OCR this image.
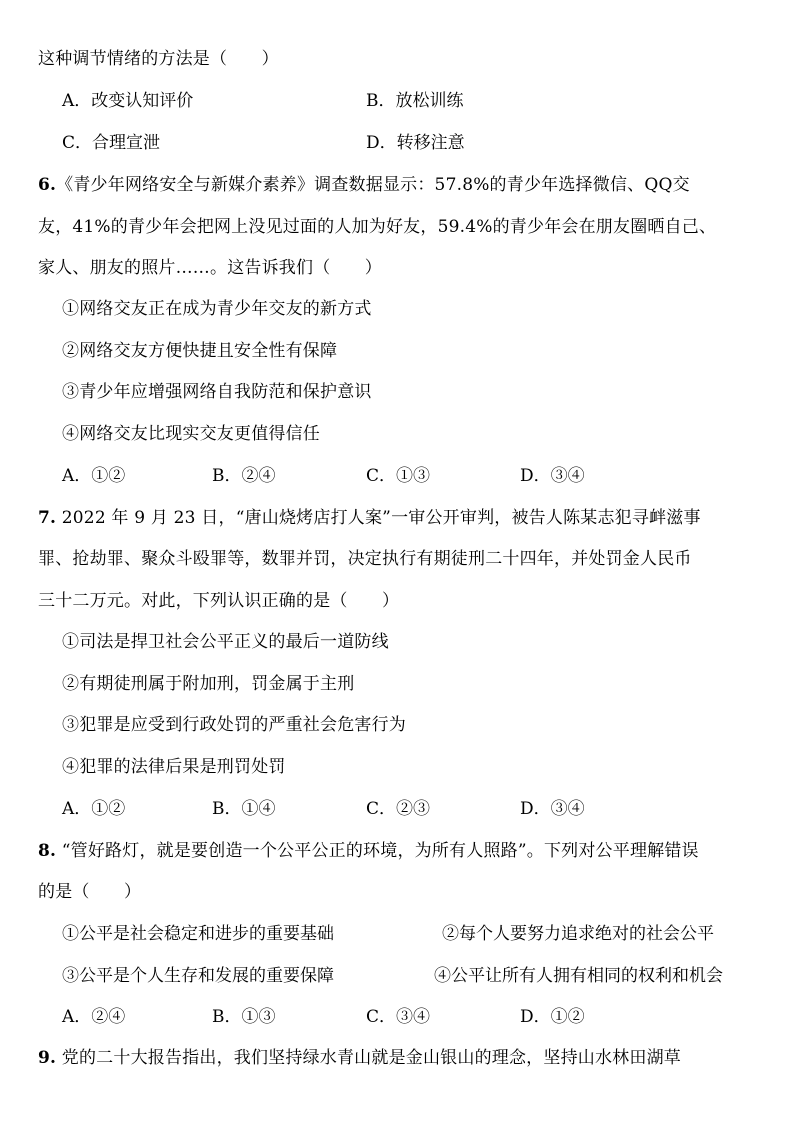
这种调节情绪的方法是（　　）
A．改变认知评价	B．放松训练
C．合理宣泄	D．转移注意
6.《青少年网络安全与新媒介素养》调查数据显示：57.8%的青少年选择微信、QQ交
友，41%的青少年会把网上没见过面的人加为好友，59.4%的青少年会在朋友圈晒自己、
家人、朋友的照片……。这告诉我们（　　）
①网络交友正在成为青少年交友的新方式
②网络交友方便快捷且安全性有保障
③青少年应增强网络自我防范和保护意识
④网络交友比现实交友更值得信任
A．①②	B．②④	C．①③	D．③④
7. 2022 年 9 月 23 日，“唐山烧烤店打人案”一审公开审判，被告人陈某志犯寻衅滋事
罪、抢劫罪、聚众斗殴罪等，数罪并罚，决定执行有期徒刑二十四年，并处罚金人民币
三十二万元。对此，下列认识正确的是（　　）
①司法是捍卫社会公平正义的最后一道防线
②有期徒刑属于附加刑，罚金属于主刑
③犯罪是应受到行政处罚的严重社会危害行为
④犯罪的法律后果是刑罚处罚
A．①②	B．①④	C．②③	D．③④
8. “管好路灯，就是要创造一个公平公正的环境，为所有人照路”。下列对公平理解错误
的是（　　）
①公平是社会稳定和进步的重要基础	②每个人要努力追求绝对的社会公平
③公平是个人生存和发展的重要保障	④公平让所有人拥有相同的权利和机会
A．②④	B．①③	C．③④	D．①②
9. 党的二十大报告指出，我们坚持绿水青山就是金山银山的理念，坚持山水林田湖草
